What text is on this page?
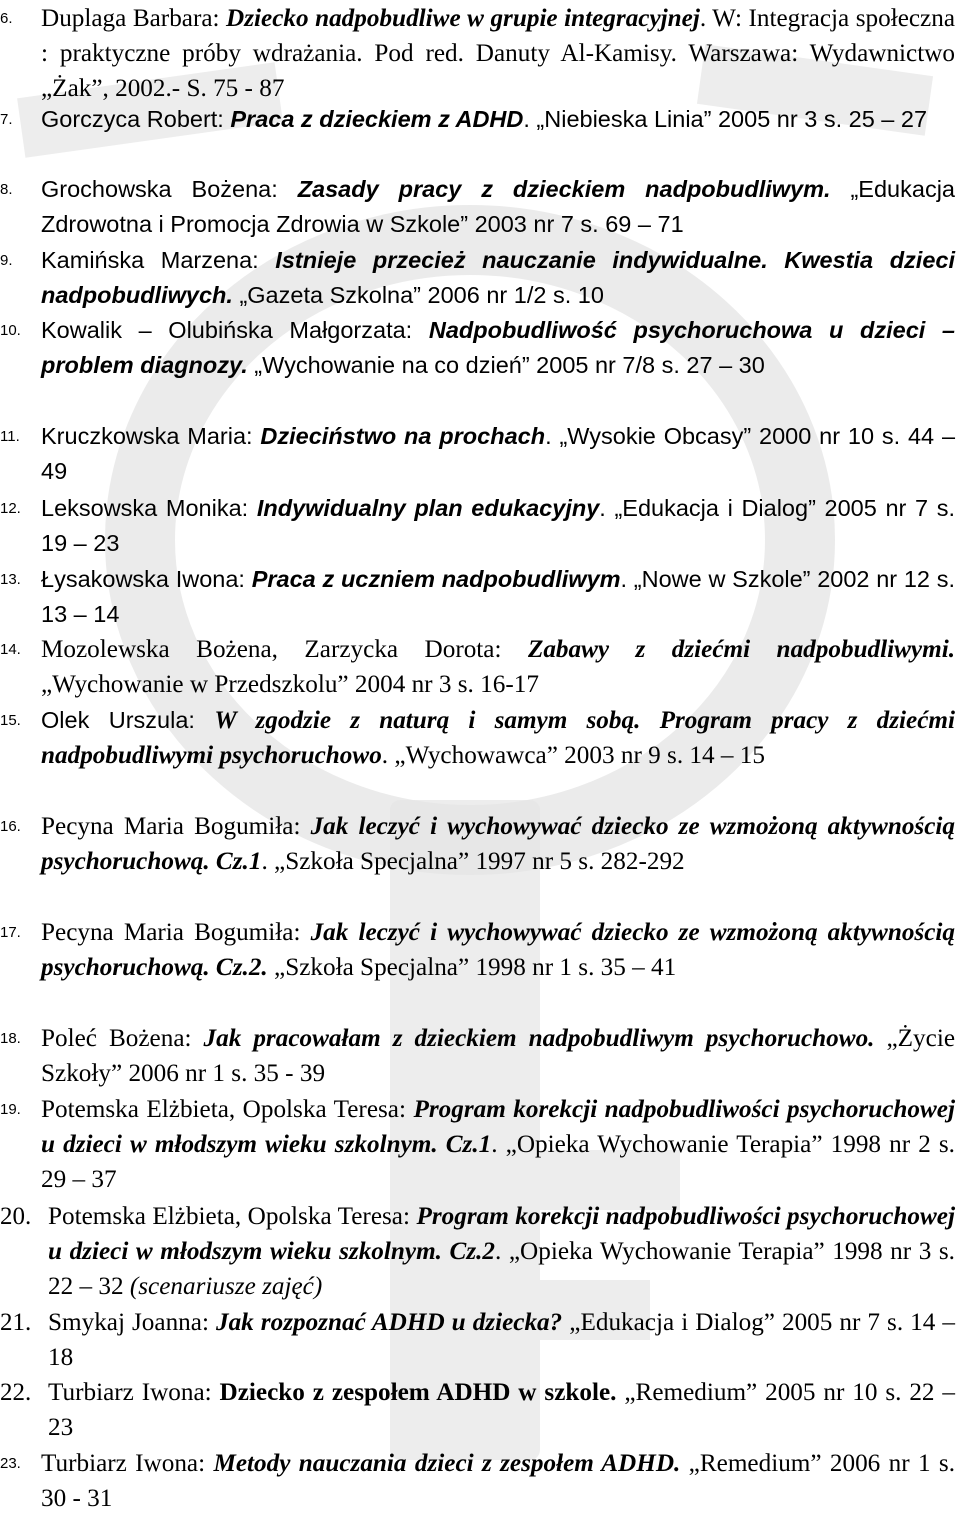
6.	Duplaga Barbara: Dziecko nadpobudliwe w grupie integracyjnej. W: Integracja społeczna : praktyczne próby wdrażania. Pod red. Danuty Al-Kamisy. Warszawa: Wydawnictwo „Żak”, 2002.- S. 75 - 87
7.	Gorczyca Robert: Praca z dzieckiem z ADHD. „Niebieska Linia” 2005 nr 3 s. 25 – 27
8.	Grochowska Bożena: Zasady pracy z dzieckiem nadpobudliwym. „Edukacja Zdrowotna i Promocja Zdrowia w Szkole” 2003 nr 7 s. 69 – 71
9.	Kamińska Marzena: Istnieje przecież nauczanie indywidualne. Kwestia dzieci nadpobudliwych. „Gazeta Szkolna” 2006 nr 1/2 s. 10
10. Kowalik – Olubińska Małgorzata: Nadpobudliwość psychoruchowa u dzieci – problem diagnozy. „Wychowanie na co dzień” 2005 nr 7/8 s. 27 – 30
11. Kruczkowska Maria: Dzieciństwo na prochach. „Wysokie Obcasy” 2000 nr 10 s. 44 – 49
12. Leksowska Monika: Indywidualny plan edukacyjny. „Edukacja i Dialog” 2005 nr 7 s. 19 – 23
13. Łysakowska Iwona: Praca z uczniem nadpobudliwym. „Nowe w Szkole” 2002 nr 12 s. 13 – 14
14. Mozolewska Bożena, Zarzycka Dorota: Zabawy z dziećmi nadpobudliwymi. „Wychowanie w Przedszkolu” 2004 nr 3 s. 16-17
15. Olek Urszula: W zgodzie z naturą i samym sobą. Program pracy z dziećmi nadpobudliwymi psychoruchowo. „Wychowawca” 2003 nr 9 s. 14 – 15
16. Pecyna Maria Bogumiła: Jak leczyć i wychowywać dziecko ze wzmożoną aktywnością psychoruchową. Cz.1. „Szkoła Specjalna” 1997 nr 5 s. 282-292
17. Pecyna Maria Bogumiła: Jak leczyć i wychowywać dziecko ze wzmożoną aktywnością psychoruchową. Cz.2. „Szkoła Specjalna” 1998 nr 1 s. 35 – 41
18. Poleć Bożena: Jak pracowałam z dzieckiem nadpobudliwym psychoruchowo. „Życie Szkoły” 2006 nr 1 s. 35 - 39
19. Potemska Elżbieta, Opolska Teresa: Program korekcji nadpobudliwości psychoruchowej u dzieci w młodszym wieku szkolnym. Cz.1. „Opieka Wychowanie Terapia” 1998 nr 2 s. 29 – 37
20. Potemska Elżbieta, Opolska Teresa: Program korekcji nadpobudliwości psychoruchowej u dzieci w młodszym wieku szkolnym. Cz.2. „Opieka Wychowanie Terapia” 1998 nr 3 s. 22 – 32 (scenariusze zajęć)
21. Smykaj Joanna: Jak rozpoznać ADHD u dziecka? „Edukacja i Dialog” 2005 nr 7 s. 14 – 18
22. Turbiarz Iwona: Dziecko z zespołem ADHD w szkole. „Remedium” 2005 nr 10 s. 22 – 23
23. Turbiarz Iwona: Metody nauczania dzieci z zespołem ADHD. „Remedium” 2006 nr 1 s. 30 - 31
